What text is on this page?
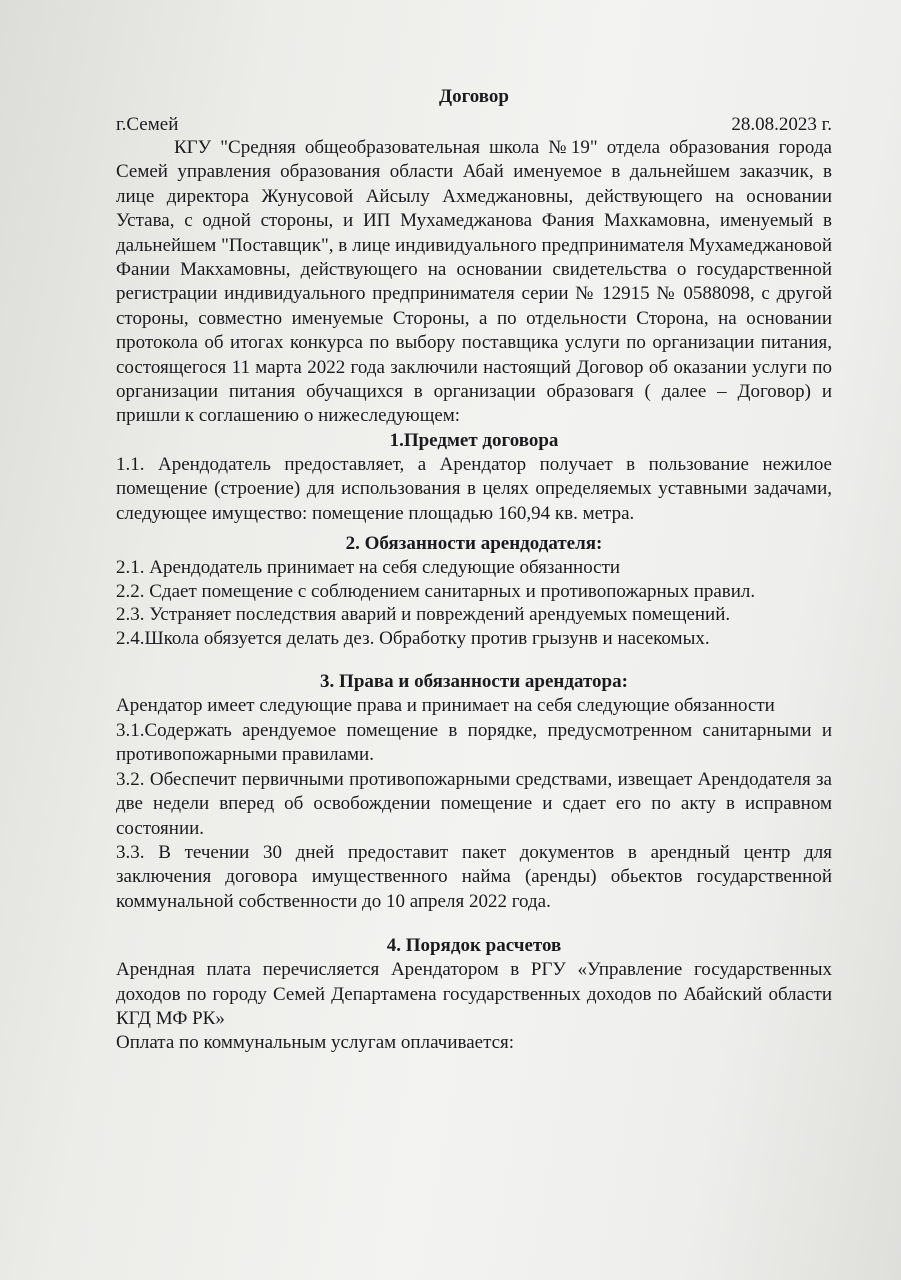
Договор

г.Семей	28.08.2023 г.

КГУ "Средняя общеобразовательная школа №19" отдела образования города Семей управления образования области Абай именуемое в дальнейшем заказчик, в лице директора Жунусовой Айсылу Ахмеджановны, действующего на основании Устава, с одной стороны, и ИП Мухамеджанова Фания Махкамовна, именуемый в дальнейшем "Поставщик", в лице индивидуального предпринимателя Мухамеджановой Фании Макхамовны, действующего на основании свидетельства о государственной регистрации индивидуального предпринимателя серии № 12915 № 0588098, с другой стороны, совместно именуемые Стороны, а по отдельности Сторона, на основании протокола об итогах конкурса по выбору поставщика услуги по организации питания, состоящегося 11 марта 2022 года заключили настоящий Договор об оказании услуги по организации питания обучащихся в организации образовагя ( далее – Договор) и пришли к соглашению о нижеследующем:

1.Предмет договора

1.1. Арендодатель предоставляет, а Арендатор получает в пользование нежилое помещение (строение) для использования в целях определяемых уставными задачами, следующее имущество: помещение площадью 160,94 кв. метра.

2. Обязанности арендодателя:

2.1. Арендодатель принимает на себя следующие обязанности

2.2. Сдает помещение с соблюдением санитарных и противопожарных правил.

2.3. Устраняет последствия аварий и повреждений арендуемых помещений.

2.4.Школа обязуется делать дез. Обработку против грызунв и насекомых.

3. Права и обязанности арендатора:

Арендатор имеет следующие права и принимает на себя следующие обязанности

3.1.Содержать арендуемое помещение в порядке, предусмотренном санитарными и противопожарными правилами.

3.2. Обеспечит первичными противопожарными средствами, извещает Арендодателя за две недели вперед об освобождении помещение и сдает его по акту в исправном состоянии.

3.3. В течении 30 дней предоставит пакет документов в арендный центр для заключения договора имущественного найма (аренды) обьектов государственной коммунальной собственности до 10 апреля 2022 года.

4. Порядок расчетов

Арендная плата перечисляется Арендатором в РГУ «Управление государственных доходов по городу Семей Департамена государственных доходов по Абайский области КГД МФ РК»

Оплата по коммунальным услугам оплачивается:
